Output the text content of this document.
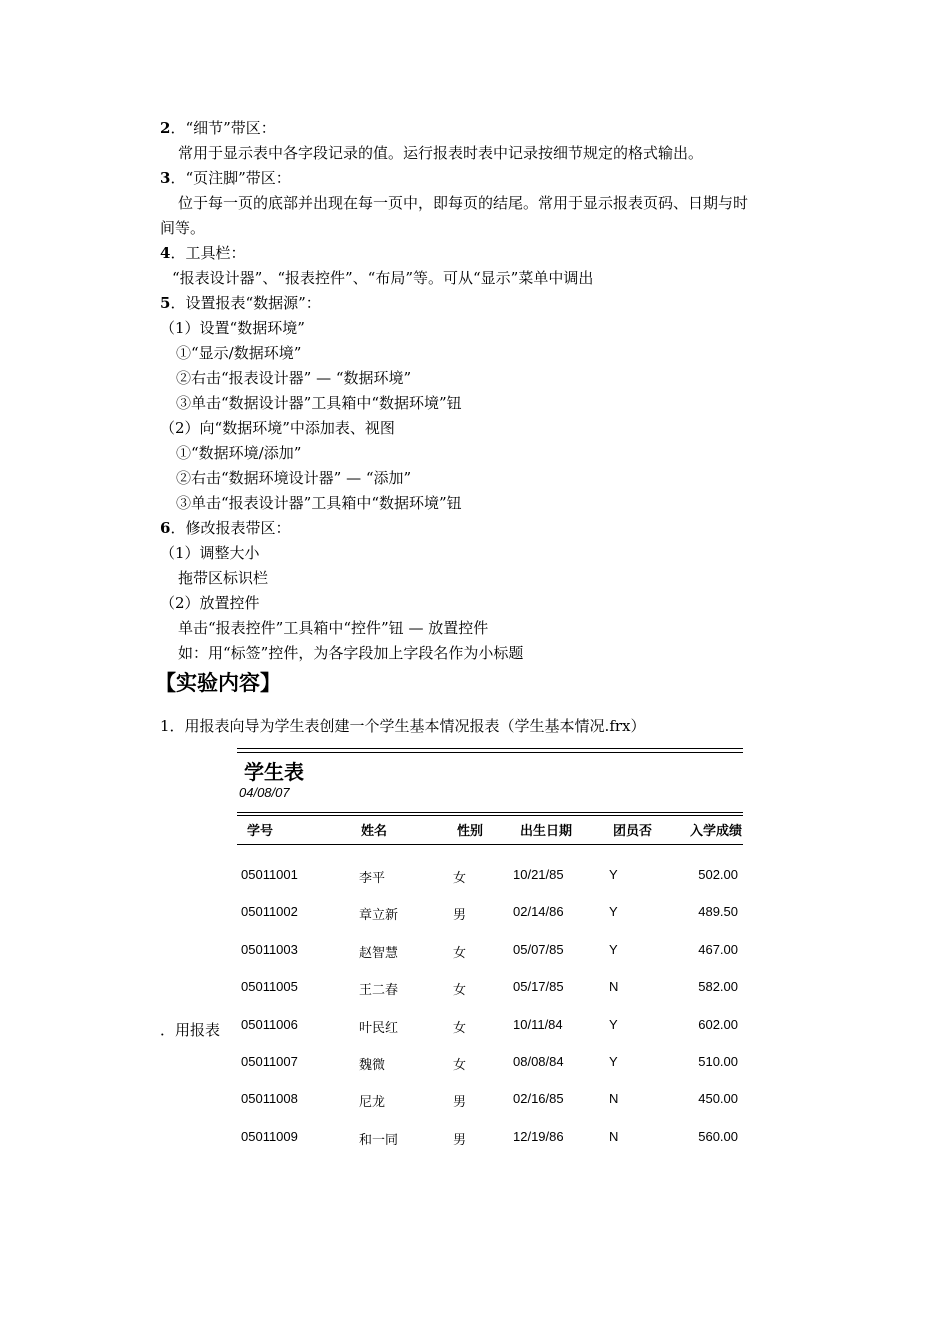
2．“细节”带区：
常用于显示表中各字段记录的值。运行报表时表中记录按细节规定的格式输出。
3．“页注脚”带区：
位于每一页的底部并出现在每一页中，即每页的结尾。常用于显示报表页码、日期与时
间等。
4．工具栏：
“报表设计器”、“报表控件”、“布局”等。可从“显示”菜单中调出
5．设置报表“数据源”：
（1）设置“数据环境”
①“显示/数据环境”
②右击“报表设计器” — “数据环境”
③单击“数据设计器”工具箱中“数据环境”钮
（2）向“数据环境”中添加表、视图
①“数据环境/添加”
②右击“数据环境设计器” — “添加”
③单击“报表设计器”工具箱中“数据环境”钮
6．修改报表带区：
（1）调整大小
拖带区标识栏
（2）放置控件
单击“报表控件”工具箱中“控件”钮 — 放置控件
如：用“标签”控件，为各字段加上字段名作为小标题
【实验内容】
1．用报表向导为学生表创建一个学生基本情况报表（学生基本情况.frx）
．用报表
学生表
04/08/07
学号	姓名	性别	出生日期	团员否	入学成绩
05011001	李平	女	10/21/85	Y	502.00
05011002	章立新	男	02/14/86	Y	489.50
05011003	赵智慧	女	05/07/85	Y	467.00
05011005	王二春	女	05/17/85	N	582.00
05011006	叶民红	女	10/11/84	Y	602.00
05011007	魏微	女	08/08/84	Y	510.00
05011008	尼龙	男	02/16/85	N	450.00
05011009	和一同	男	12/19/86	N	560.00
